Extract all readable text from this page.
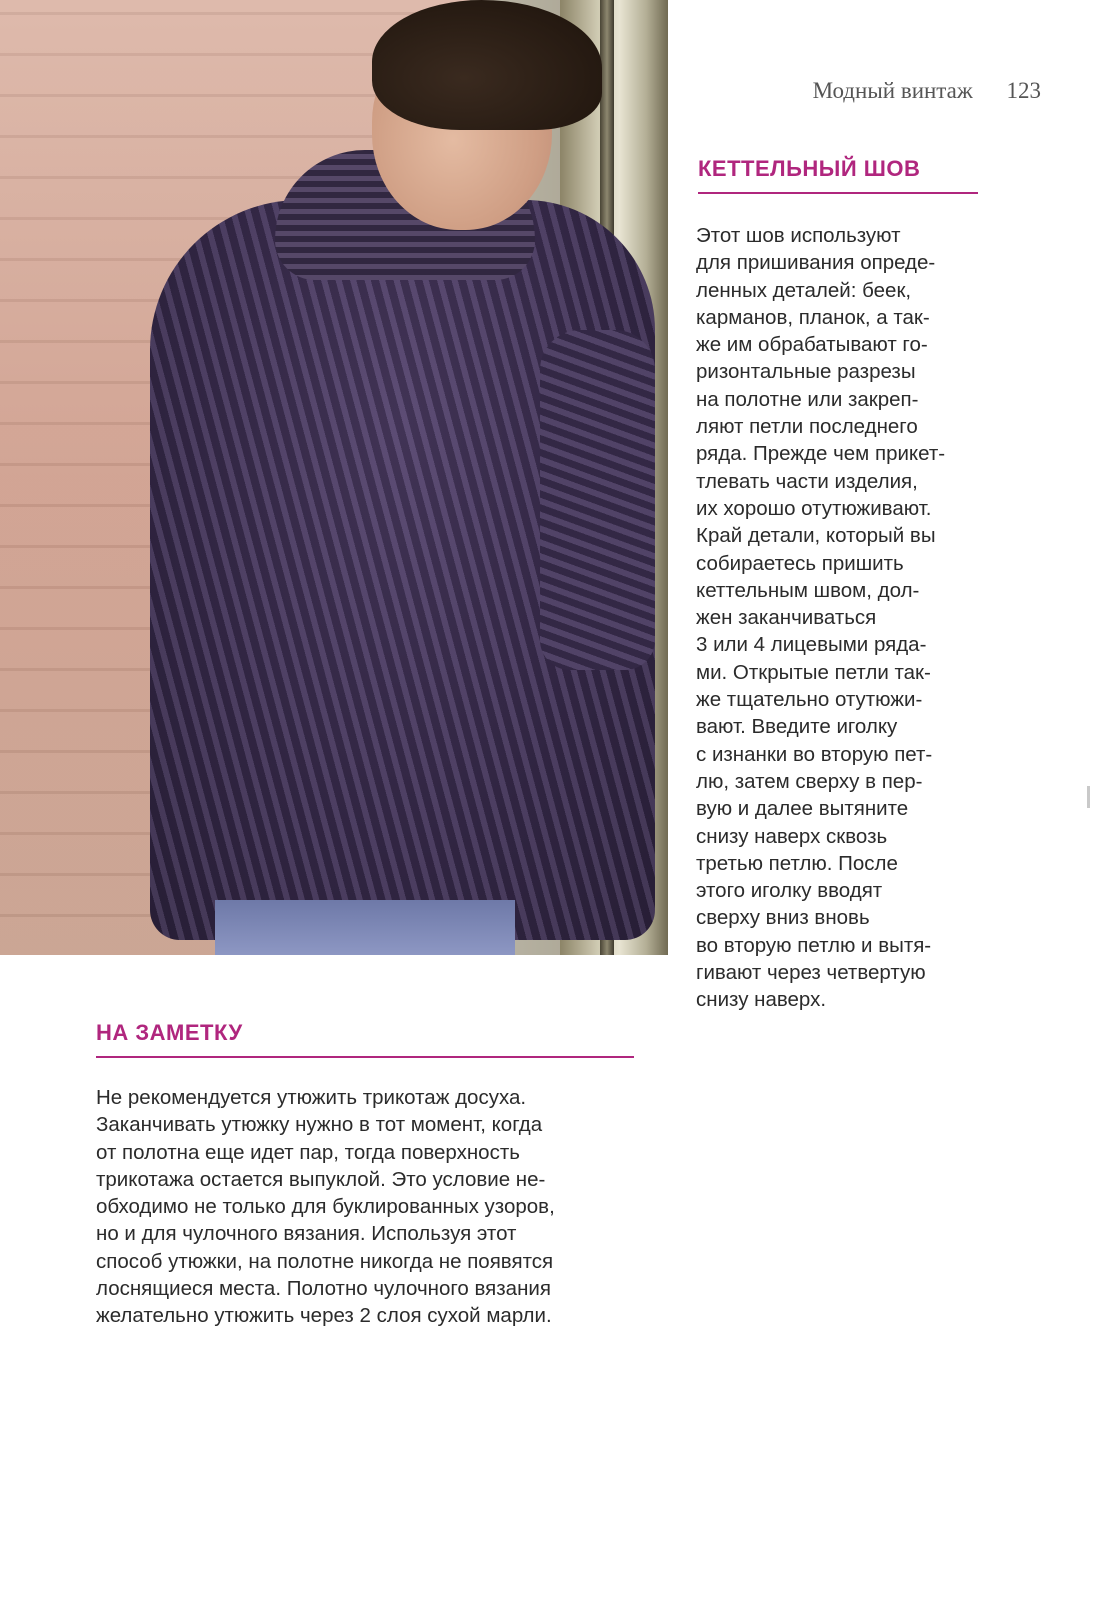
Модный винтаж 123
КЕТТЕЛЬНЫЙ ШОВ
Этот шов используют
для пришивания опреде-
ленных деталей: беек,
карманов, планок, а так-
же им обрабатывают го-
ризонтальные разрезы
на полотне или закреп-
ляют петли последнего
ряда. Прежде чем прикет-
тлевать части изделия,
их хорошо отутюживают.
Край детали, который вы
собираетесь пришить
кеттельным швом, дол-
жен заканчиваться
3 или 4 лицевыми ряда-
ми. Открытые петли так-
же тщательно отутюжи-
вают. Введите иголку
с изнанки во вторую пет-
лю, затем сверху в пер-
вую и далее вытяните
снизу наверх сквозь
третью петлю. После
этого иголку вводят
сверху вниз вновь
во вторую петлю и вытя-
гивают через четвертую
снизу наверх.
НА ЗАМЕТКУ
Не рекомендуется утюжить трикотаж досуха.
Заканчивать утюжку нужно в тот момент, когда
от полотна еще идет пар, тогда поверхность
трикотажа остается выпуклой. Это условие не-
обходимо не только для буклированных узоров,
но и для чулочного вязания. Используя этот
способ утюжки, на полотне никогда не появятся
лоснящиеся места. Полотно чулочного вязания
желательно утюжить через 2 слоя сухой марли.
